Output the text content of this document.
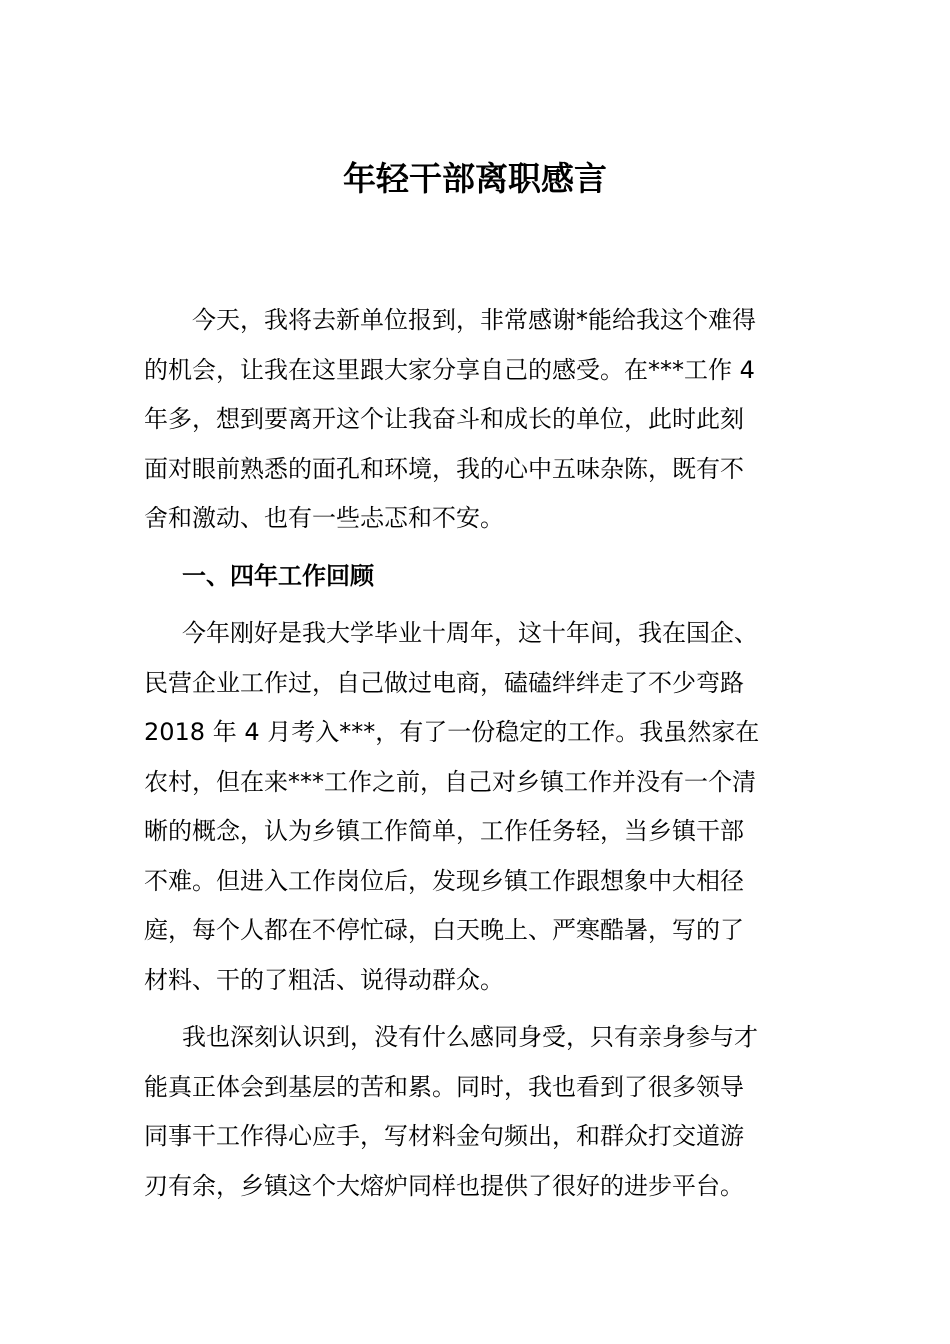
年轻干部离职感言
今天，我将去新单位报到，非常感谢*能给我这个难得
的机会，让我在这里跟大家分享自己的感受。在***工作 4
年多，想到要离开这个让我奋斗和成长的单位，此时此刻
面对眼前熟悉的面孔和环境，我的心中五味杂陈，既有不
舍和激动、也有一些忐忑和不安。
一、四年工作回顾
今年刚好是我大学毕业十周年，这十年间，我在国企、
民营企业工作过，自己做过电商，磕磕绊绊走了不少弯路
2018 年 4 月考入***，有了一份稳定的工作。我虽然家在
农村，但在来***工作之前，自己对乡镇工作并没有一个清
晰的概念，认为乡镇工作简单，工作任务轻，当乡镇干部
不难。但进入工作岗位后，发现乡镇工作跟想象中大相径
庭，每个人都在不停忙碌，白天晚上、严寒酷暑，写的了
材料、干的了粗活、说得动群众。
我也深刻认识到，没有什么感同身受，只有亲身参与才
能真正体会到基层的苦和累。同时，我也看到了很多领导
同事干工作得心应手，写材料金句频出，和群众打交道游
刃有余，乡镇这个大熔炉同样也提供了很好的进步平台。
